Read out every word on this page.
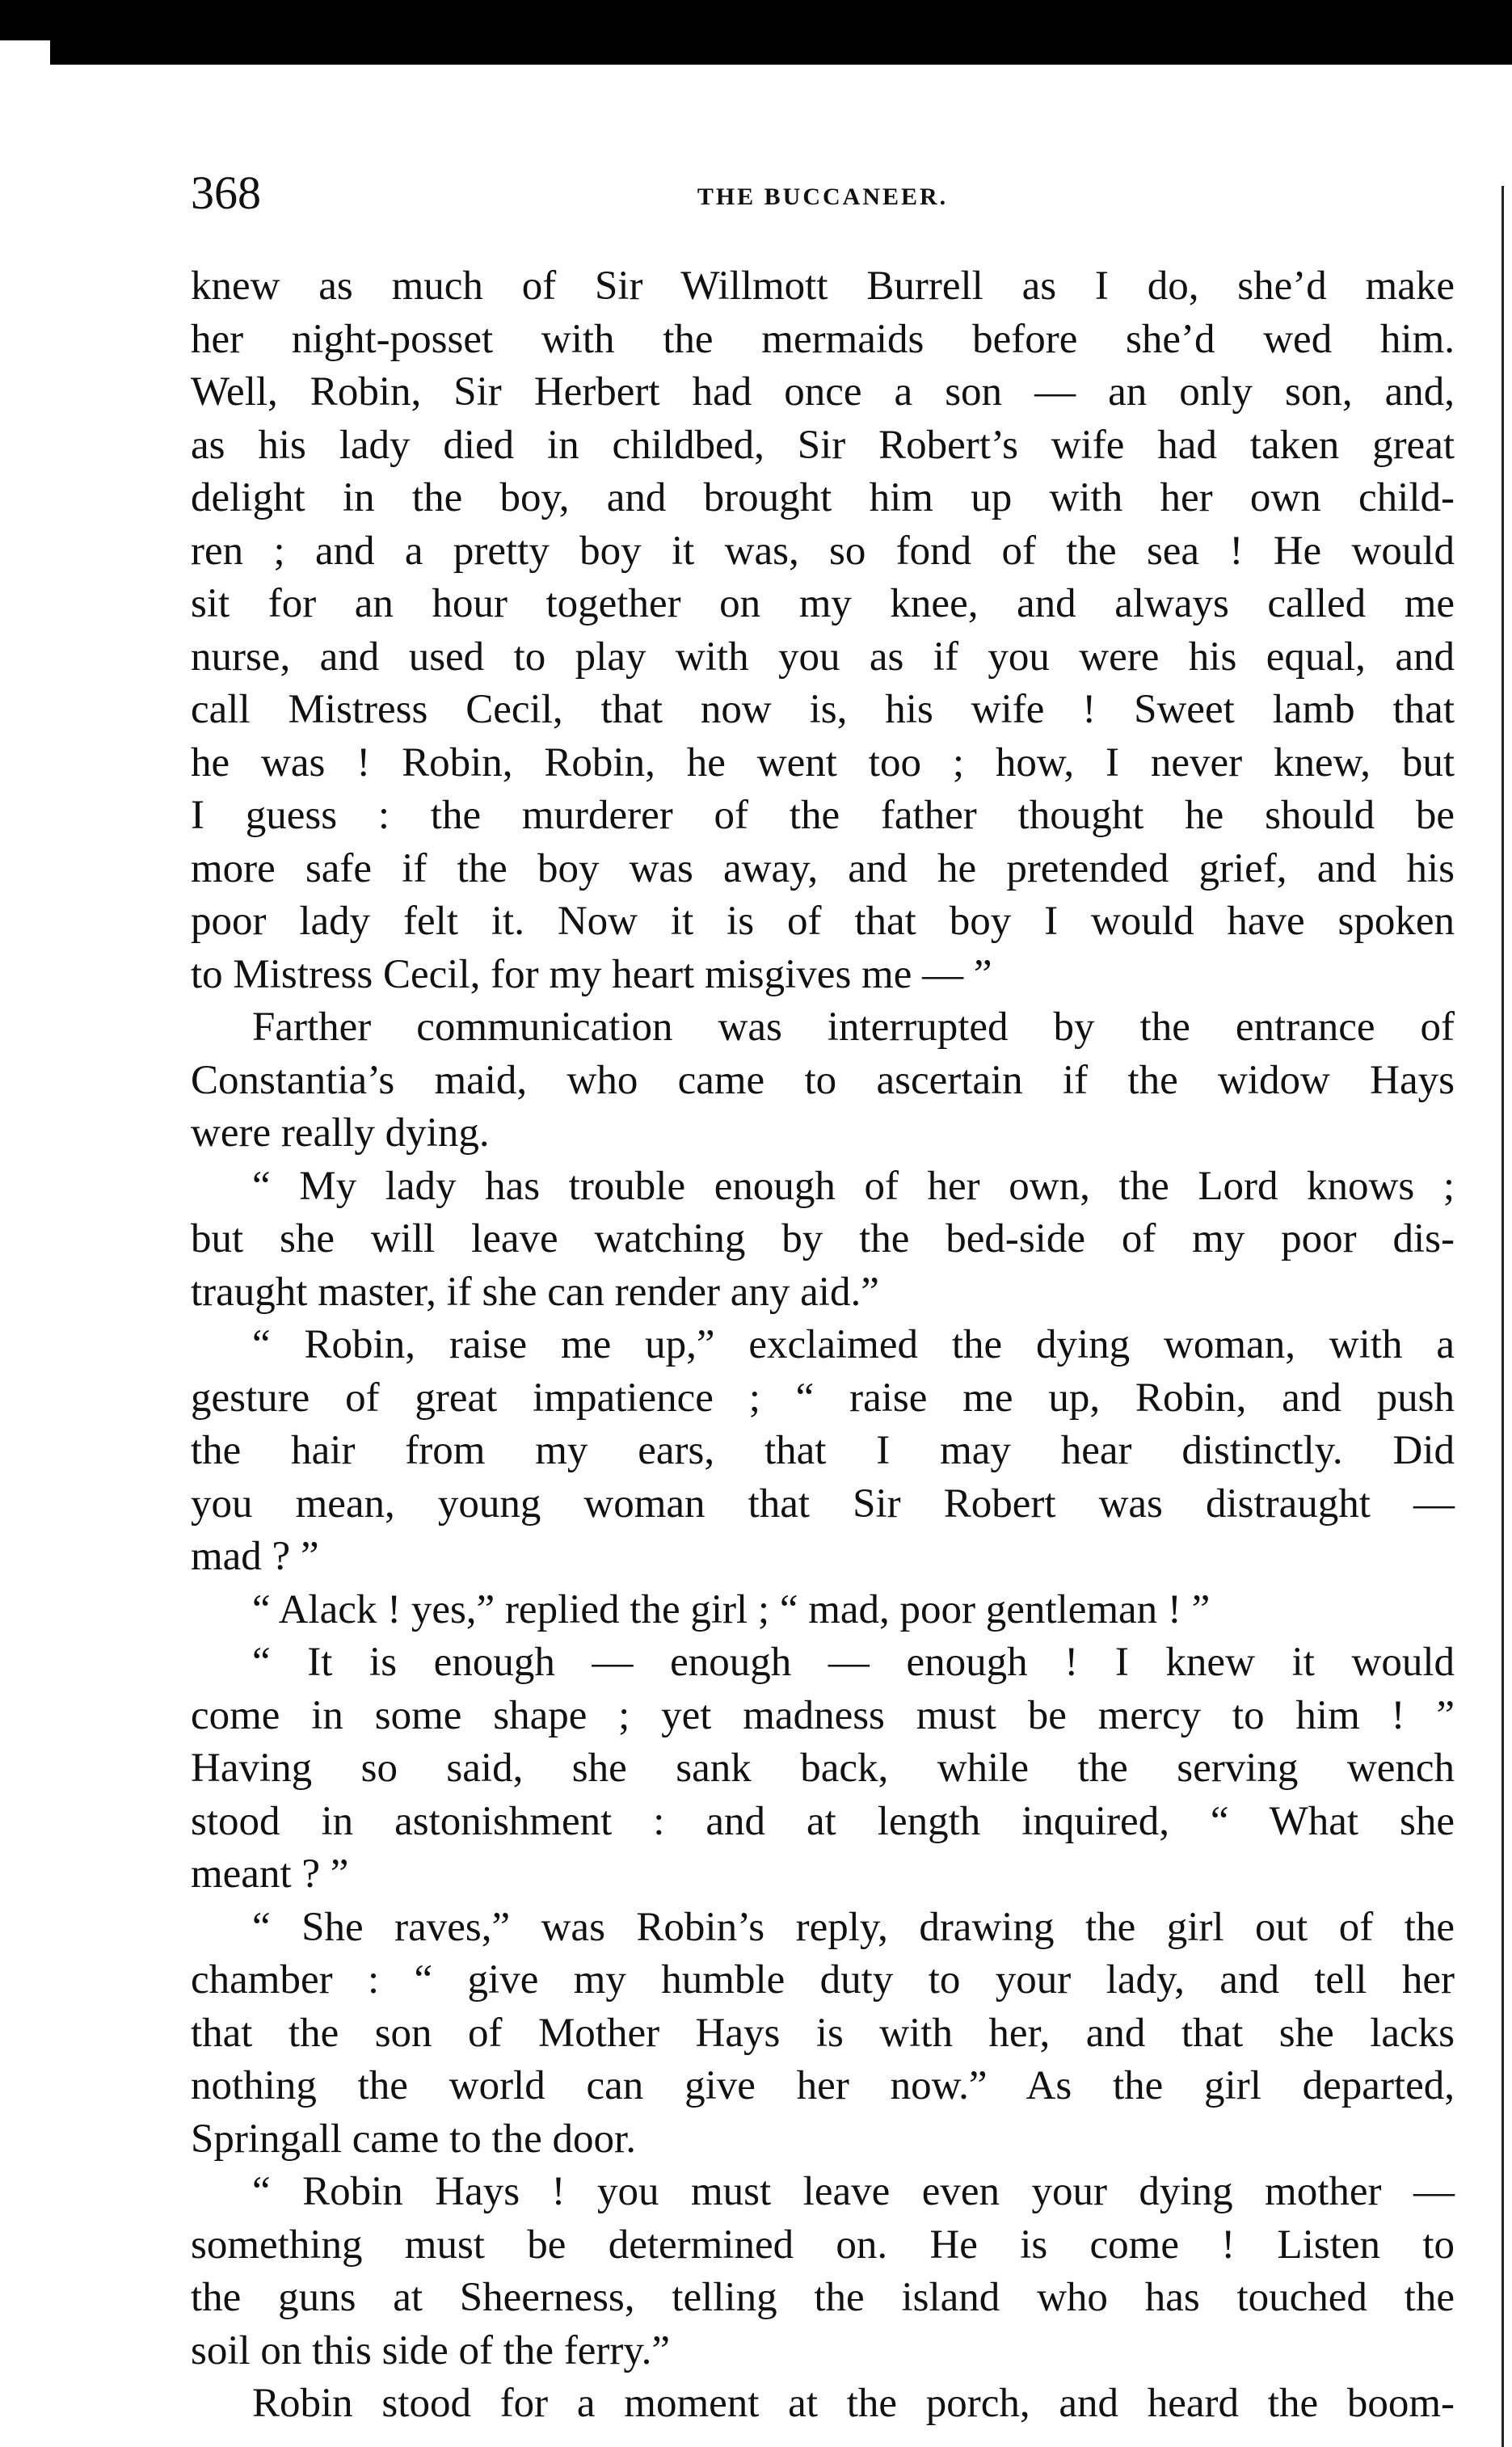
368	THE BUCCANEER.
knew as much of Sir Willmott Burrell as I do, she’d make
her night-posset with the mermaids before she’d wed him.
Well, Robin, Sir Herbert had once a son — an only son, and,
as his lady died in childbed, Sir Robert’s wife had taken great
delight in the boy, and brought him up with her own child-
ren ; and a pretty boy it was, so fond of the sea ! He would
sit for an hour together on my knee, and always called me
nurse, and used to play with you as if you were his equal, and
call Mistress Cecil, that now is, his wife ! Sweet lamb that
he was ! Robin, Robin, he went too ; how, I never knew, but
I guess : the murderer of the father thought he should be
more safe if the boy was away, and he pretended grief, and his
poor lady felt it. Now it is of that boy I would have spoken
to Mistress Cecil, for my heart misgives me — ”
Farther communication was interrupted by the entrance of
Constantia’s maid, who came to ascertain if the widow Hays
were really dying.
“ My lady has trouble enough of her own, the Lord knows ;
but she will leave watching by the bed-side of my poor dis-
traught master, if she can render any aid.”
“ Robin, raise me up,” exclaimed the dying woman, with a
gesture of great impatience ; “ raise me up, Robin, and push
the hair from my ears, that I may hear distinctly. Did
you mean, young woman that Sir Robert was distraught —
mad ? ”
“ Alack ! yes,” replied the girl ; “ mad, poor gentleman ! ”
“ It is enough — enough — enough ! I knew it would
come in some shape ; yet madness must be mercy to him ! ”
Having so said, she sank back, while the serving wench
stood in astonishment : and at length inquired, “ What she
meant ? ”
“ She raves,” was Robin’s reply, drawing the girl out of the
chamber : “ give my humble duty to your lady, and tell her
that the son of Mother Hays is with her, and that she lacks
nothing the world can give her now.” As the girl departed,
Springall came to the door.
“ Robin Hays ! you must leave even your dying mother —
something must be determined on. He is come ! Listen to
the guns at Sheerness, telling the island who has touched the
soil on this side of the ferry.”
Robin stood for a moment at the porch, and heard the boom-
